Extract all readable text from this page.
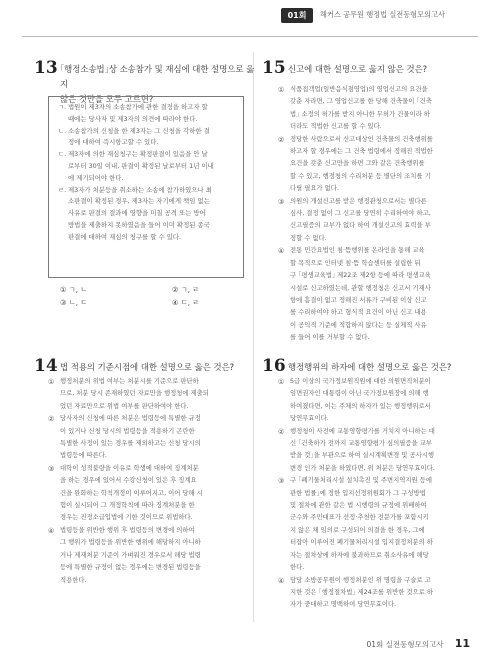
01회	해커스 공무원 행정법 실전동형모의고사
13 ｢행정소송법｣상 소송참가 및 재심에 대한 설명으로 옳지
않은 것만을 모두 고르면?
ㄱ. 법원이 제3자의 소송참가에 관한 결정을 하고자 할
때에는 당사자 및 제3자의 의견에 따라야 한다.
ㄴ. 소송참가의 신청을 한 제3자는 그 신청을 각하한 결
정에 대하여 즉시항고할 수 있다.
ㄷ. 제3자에 의한 재심청구는 확정판결이 있음을 안 날
로부터 30일 이내, 판결이 확정된 날로부터 1년 이내
에 제기되어야 한다.
ㄹ. 제3자가 처분등을 취소하는 소송에 참가하였으나 최
소판결이 확정된 경우, 제3자는 자기에게 책임 없는
사유로 판결의 결과에 영향을 미칠 공격 또는 방어
방법을 제출하지 못하였음을 들어 이미 확정된 종국
판결에 대하여 재심의 청구를 할 수 있다.
① ㄱ, ㄴ	② ㄱ, ㄹ
③ ㄴ, ㄷ	④ ㄷ, ㄹ
15 신고에 대한 설명으로 옳지 않은 것은?
① 식품접객업(일반음식점영업)의 영업신고의 요건을
갖춘 자라면, 그 영업신고를 한 당해 건축물이 ｢건축
법｣ 소정의 허가를 받지 아니한 무허가 건물이라 하
더라도 적법한 신고를 할 수 있다.
② 정당한 사람으로서 신고대상인 건축물의 건축행위를
하고자 할 경우에는 그 건축 법령에서 정해진 적법한
요건을 갖춘 신고만을 하면 그와 같은 건축행위를
할 수 있고, 행정청의 수리처분 등 별단의 조치를 기
다릴 필요가 없다.
③ 의원의 개설신고를 받은 행정관청으로서는 별다른
심사, 결정 없이 그 신고를 당연히 수리하여야 하고,
신고필증의 교부가 없다 하여 개설신고의 효력을 부
정할 수 없다.
④ 전통 민간요법인 침·뜸행위를 온라인을 통해 교육
할 목적으로 인터넷 침·뜸 학습센터를 설립한 뒤
구 ｢평생교육법｣ 제22조 제2항 등에 따라 평생교육
시설로 신고하였는데, 관할 행정청은 신고서 기재사
항에 흠결이 없고 정해진 서류가 구비된 이상 신고
를 수리하여야 하고 형식적 요건이 아닌 신고 내용
이 공익적 기준에 적합하지 않다는 등 실체적 사유
를 들어 이를 거부할 수 없다.
14 법 적용의 기준시점에 대한 설명으로 옳은 것은?
① 행정처분의 위법 여부는 처분시를 기준으로 판단하
므로, 처분 당시 존재하였던 자료만을 행정청에 제출되
었던 자료만으로 위법 여부를 판단하여야 한다.
② 당사자의 신청에 따른 처분은 법령등에 특별한 규정
이 있거나 신청 당시의 법령등을 적용하기 곤란한
특별한 사정이 있는 경우를 제외하고는 신청 당시의
법령등에 따른다.
③ 대학이 성적불량을 이유로 학생에 대하여 징계처분
을 하는 경우에 있어서 수강신청이 있은 후 징계요
건을 완화하는 학칙개정이 이루어지고, 이어 당해 시
험이 실시되어 그 개정학칙에 따라 징계처분을 한
경우는 진정소급입법에 기한 것이므로 위법하다.
④ 법령등을 위반한 행위 후 법령등의 변경에 의하여
그 행위가 법령등을 위반한 행위에 해당하지 아니하
거나 제재처분 기준이 가벼워진 경우로서 해당 법령
등에 특별한 규정이 없는 경우에는 변경된 법령등을
적용한다.
16 행정행위의 하자에 대한 설명으로 옳은 것은?
① 5급 이상의 국가정보원직원에 대한 의원면직처분이
임면권자인 대통령이 아닌 국가정보원장에 의해 행
하여졌다면, 이는 주체의 하자가 있는 행정행위로서
당연무효이다.
② 행정청이 사전에 교통영향평가를 거치지 아니하는 대
신 ｢건축하가 전까지 교통영향평가 심의필증을 교부
받을 것｣을 부관으로 하여 실시계획변경 및 공사시행
변경 인가 처분을 하였다면, 위 처분은 당연무효이다.
③ 구 ｢폐기물처리시설 설치촉진 및 주변지역지원 등에
관한 법률｣에 정한 입지선정위원회가 그 구성방법
및 절차에 관한 같은 법 시행령의 규정에 위배하여
군수와 주민대표가 선정·추천한 전문가를 포함시키
지 않은 채 임의로 구성되어 의결을 한 경우, 그에
터잡아 이루어진 폐기물처리시설 입지결정처분의 하
자는 절차상에 하자에 불과하므로 취소사유에 해당
한다.
④ 담당 소방공무원이 행정처분인 위 명령을 구술로 고
지한 것은 ｢행정절차법｣ 제24조를 위반한 것으로 하
자가 중대하고 명백하여 당연무효이다.
01회 실전동형모의고사 11
